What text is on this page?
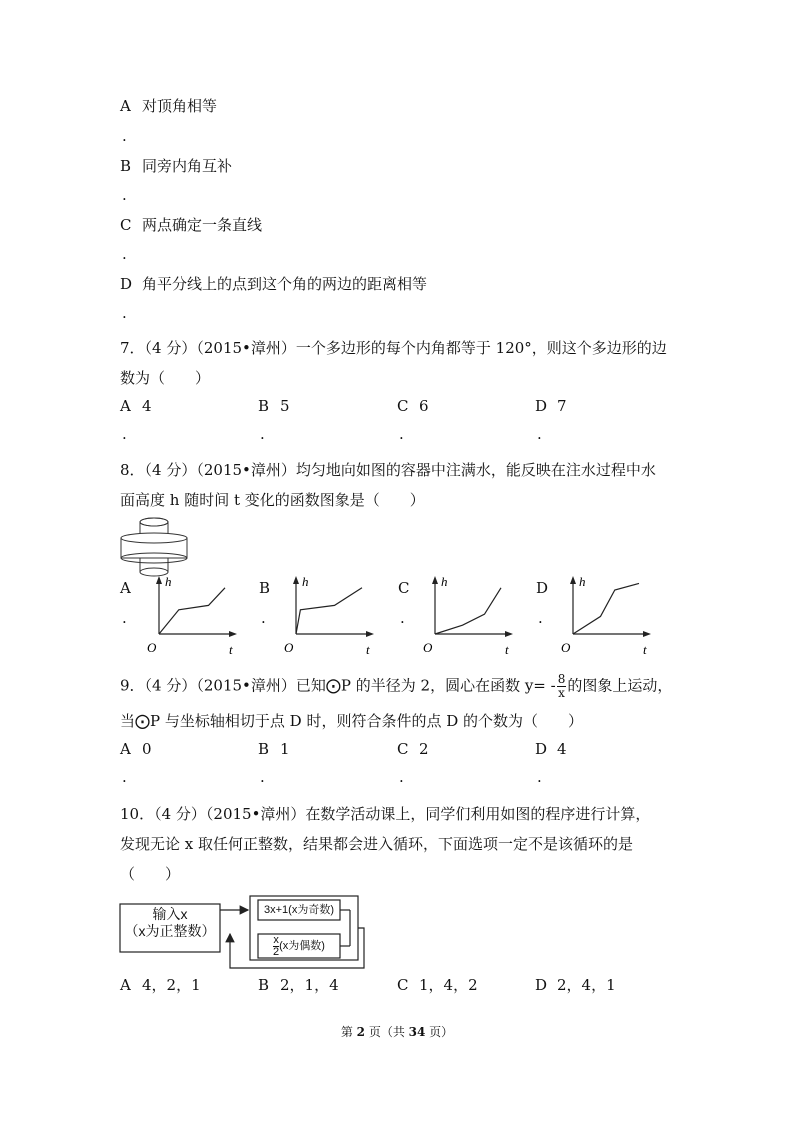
A 对顶角相等
.
B 同旁内角互补
.
C 两点确定一条直线
.
D 角平分线上的点到这个角的两边的距离相等
.
7．（4 分）（2015•漳州）一个多边形的每个内角都等于 120°，则这个多边形的边
数为（　　）
A 4	B 5	C 6	D 7
.	.	.	.
8．（4 分）（2015•漳州）均匀地向如图的容器中注满水，能反映在注水过程中水
面高度 h 随时间 t 变化的函数图象是（　　）
A
.
B
.
C
.
D
.
h
t
O
h
t
O
h
t
O
h
t
O
9．（4 分）（2015•漳州）已知⨀P 的半径为 2，圆心在函数 $y= - \frac{8}{x}$ 的图象上运动，
当⨀P 与坐标轴相切于点 D 时，则符合条件的点 D 的个数为（　　）
A 0	B 1	C 2	D 4
.	.	.	.
10．（4 分）（2015•漳州）在数学活动课上，同学们利用如图的程序进行计算，
发现无论 x 取任何正整数，结果都会进入循环，下面选项一定不是该循环的是
（　　）
输入x
（x为正整数）
3x+1(x为奇数)
$\frac{x}{2} (x$为偶数)
A 4，2，1	B 2，1，4	C 1，4，2	D 2，4，1
第 2 页（共 34 页）
